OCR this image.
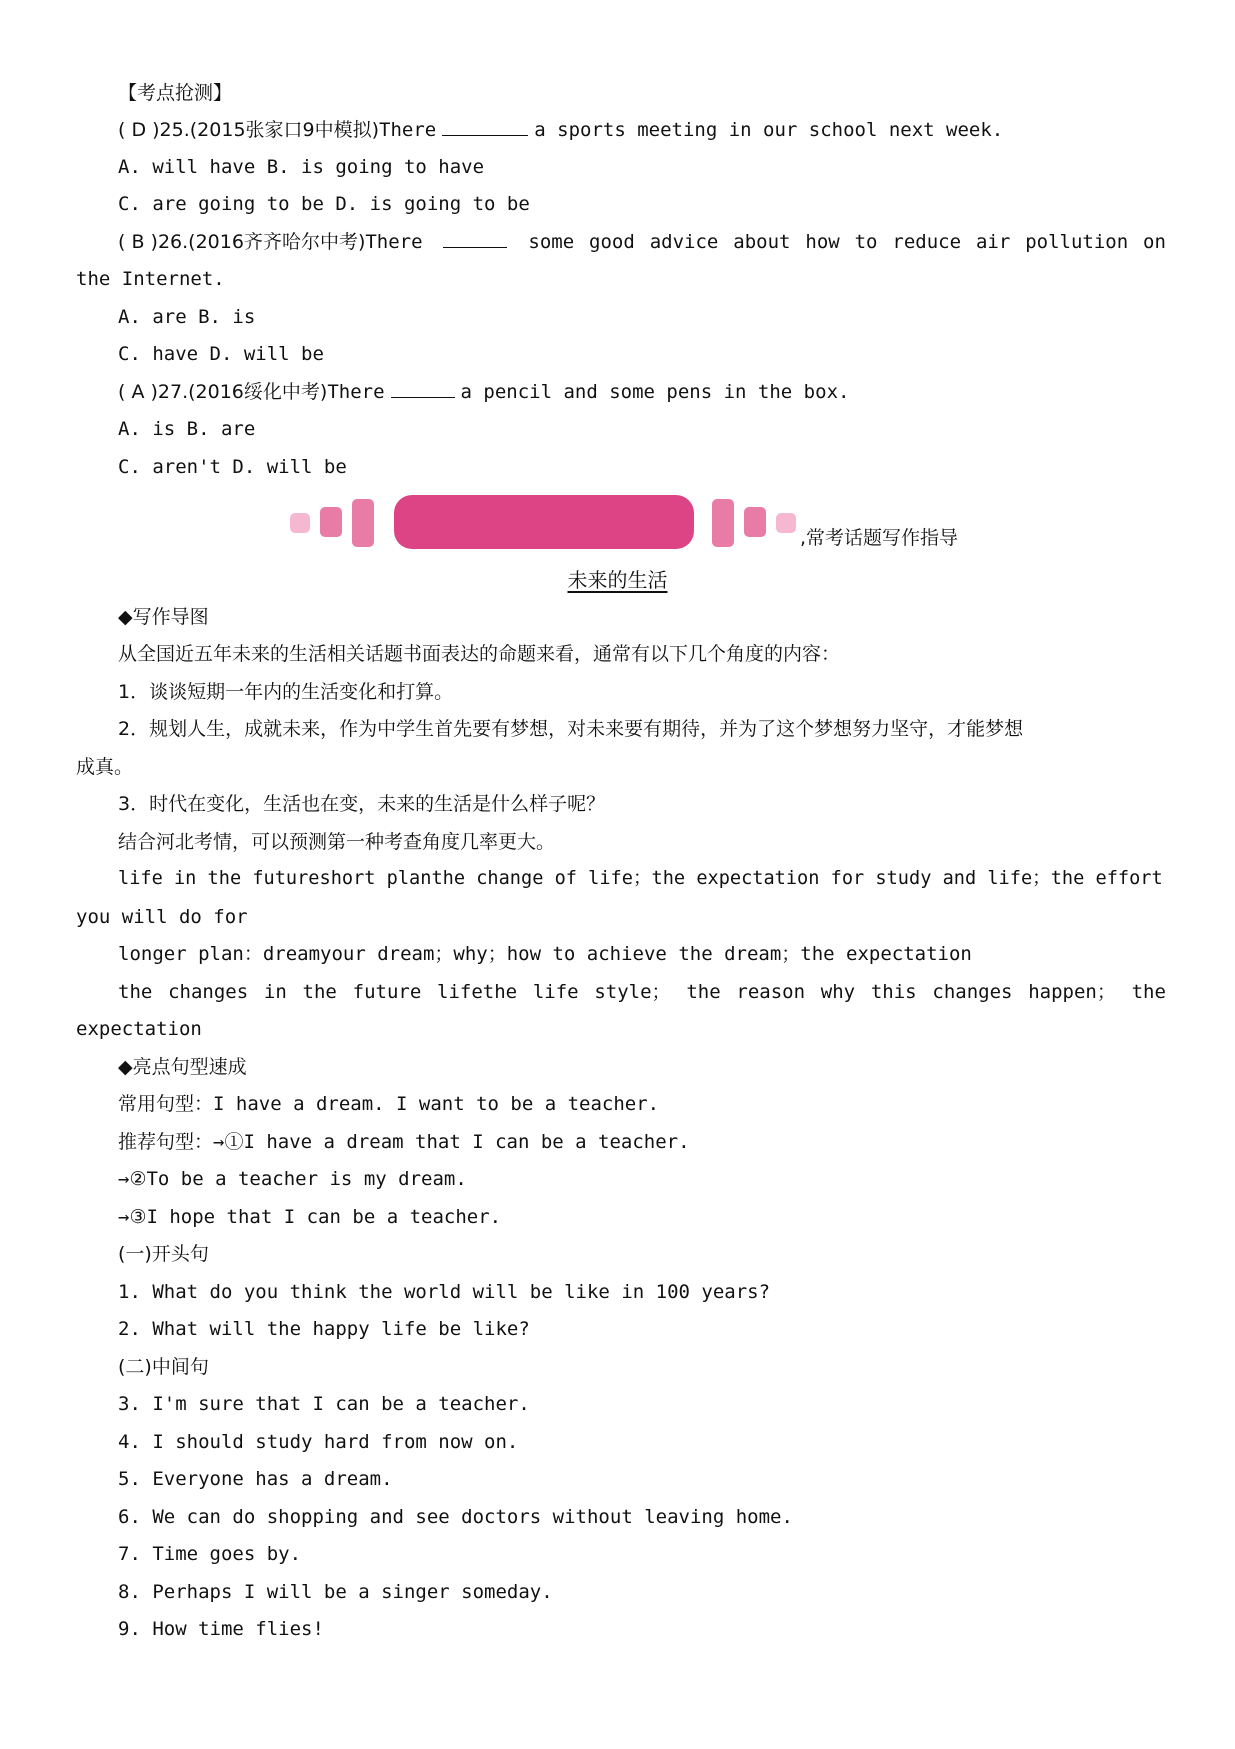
【考点抢测】
( D )25.(2015张家口9中模拟)There	a sports meeting in our school next week.
A. will have B. is going to have
C. are going to be D. is going to be
( B )26.(2016齐齐哈尔中考)There	some good advice about how to reduce air pollution on
the Internet.
A. are B. is
C. have D. will be
( A )27.(2016绥化中考)There	a pencil and some pens in the box.
A. is B. are
C. aren't D. will be
,常考话题写作指导
未来的生活
◆写作导图
从全国近五年未来的生活相关话题书面表达的命题来看，通常有以下几个角度的内容：
1．谈谈短期一年内的生活变化和打算。
2．规划人生，成就未来，作为中学生首先要有梦想，对未来要有期待，并为了这个梦想努力坚守，才能梦想
成真。
3．时代在变化，生活也在变，未来的生活是什么样子呢？
结合河北考情，可以预测第一种考查角度几率更大。
life in the futureshort planthe change of life；the expectation for study and life；the effort
you will do for
longer plan：dreamyour dream；why；how to achieve the dream；the expectation
the changes in the future lifethe life style； the reason why this changes happen； the
expectation
◆亮点句型速成
常用句型：I have a dream. I want to be a teacher.
推荐句型：→①I have a dream that I can be a teacher.
→②To be a teacher is my dream.
→③I hope that I can be a teacher.
(一)开头句
1. What do you think the world will be like in 100 years?
2. What will the happy life be like?
(二)中间句
3. I'm sure that I can be a teacher.
4. I should study hard from now on.
5. Everyone has a dream.
6. We can do shopping and see doctors without leaving home.
7. Time goes by.
8. Perhaps I will be a singer someday.
9. How time flies!
